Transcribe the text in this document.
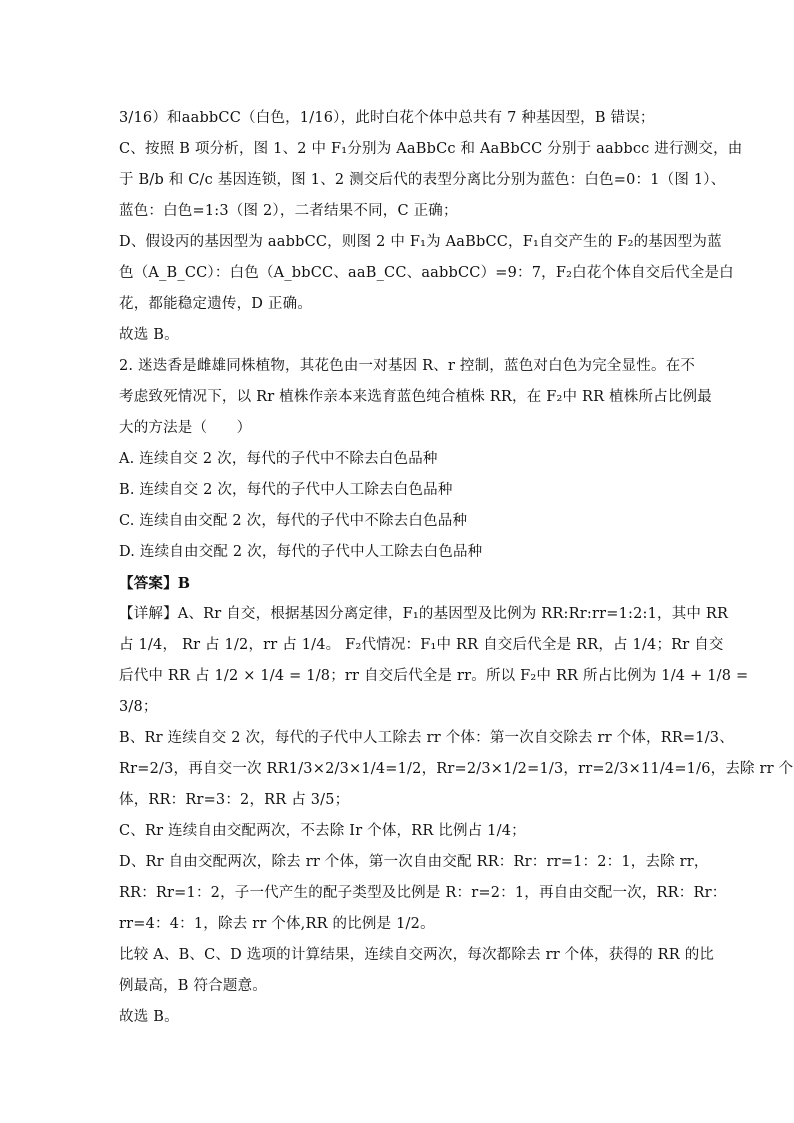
3/16）和aabbCC（白色，1/16），此时白花个体中总共有 7 种基因型，B 错误；
C、按照 B 项分析，图 1、2 中 F₁分别为 AaBbCc 和 AaBbCC 分别于 aabbcc 进行测交，由
于 B/b 和 C/c 基因连锁，图 1、2 测交后代的表型分离比分别为蓝色：白色=0：1（图 1）、
蓝色：白色=1:3（图 2），二者结果不同，C 正确；
D、假设丙的基因型为 aabbCC，则图 2 中 F₁为 AaBbCC，F₁自交产生的 F₂的基因型为蓝
色（A_B_CC）：白色（A_bbCC、aaB_CC、aabbCC）=9：7，F₂白花个体自交后代全是白
花，都能稳定遗传，D 正确。
故选 B。
2. 迷迭香是雌雄同株植物，其花色由一对基因 R、r 控制，蓝色对白色为完全显性。在不
考虑致死情况下，以 Rr 植株作亲本来选育蓝色纯合植株 RR，在 F₂中 RR 植株所占比例最
大的方法是（　　）
A. 连续自交 2 次，每代的子代中不除去白色品种
B. 连续自交 2 次，每代的子代中人工除去白色品种
C. 连续自由交配 2 次，每代的子代中不除去白色品种
D. 连续自由交配 2 次，每代的子代中人工除去白色品种
【答案】B
【详解】A、Rr 自交，根据基因分离定律，F₁的基因型及比例为 RR:Rr:rr=1:2:1，其中 RR
占 1/4， Rr 占 1/2，rr 占 1/4。 F₂代情况：F₁中 RR 自交后代全是 RR，占 1/4；Rr 自交
后代中 RR 占 1/2 × 1/4 = 1/8；rr 自交后代全是 rr。所以 F₂中 RR 所占比例为 1/4 + 1/8 =
3/8；
B、Rr 连续自交 2 次，每代的子代中人工除去 rr 个体：第一次自交除去 rr 个体，RR=1/3、
Rr=2/3，再自交一次 RR1/3×2/3×1/4=1/2，Rr=2/3×1/2=1/3，rr=2/3×11/4=1/6，去除 rr 个
体，RR：Rr=3：2，RR 占 3/5；
C、Rr 连续自由交配两次，不去除 Ir 个体，RR 比例占 1/4；
D、Rr 自由交配两次，除去 rr 个体，第一次自由交配 RR：Rr：rr=1：2：1，去除 rr，
RR：Rr=1：2，子一代产生的配子类型及比例是 R：r=2：1，再自由交配一次，RR：Rr：
rr=4：4：1，除去 rr 个体,RR 的比例是 1/2。
比较 A、B、C、D 选项的计算结果，连续自交两次，每次都除去 rr 个体，获得的 RR 的比
例最高，B 符合题意。
故选 B。
